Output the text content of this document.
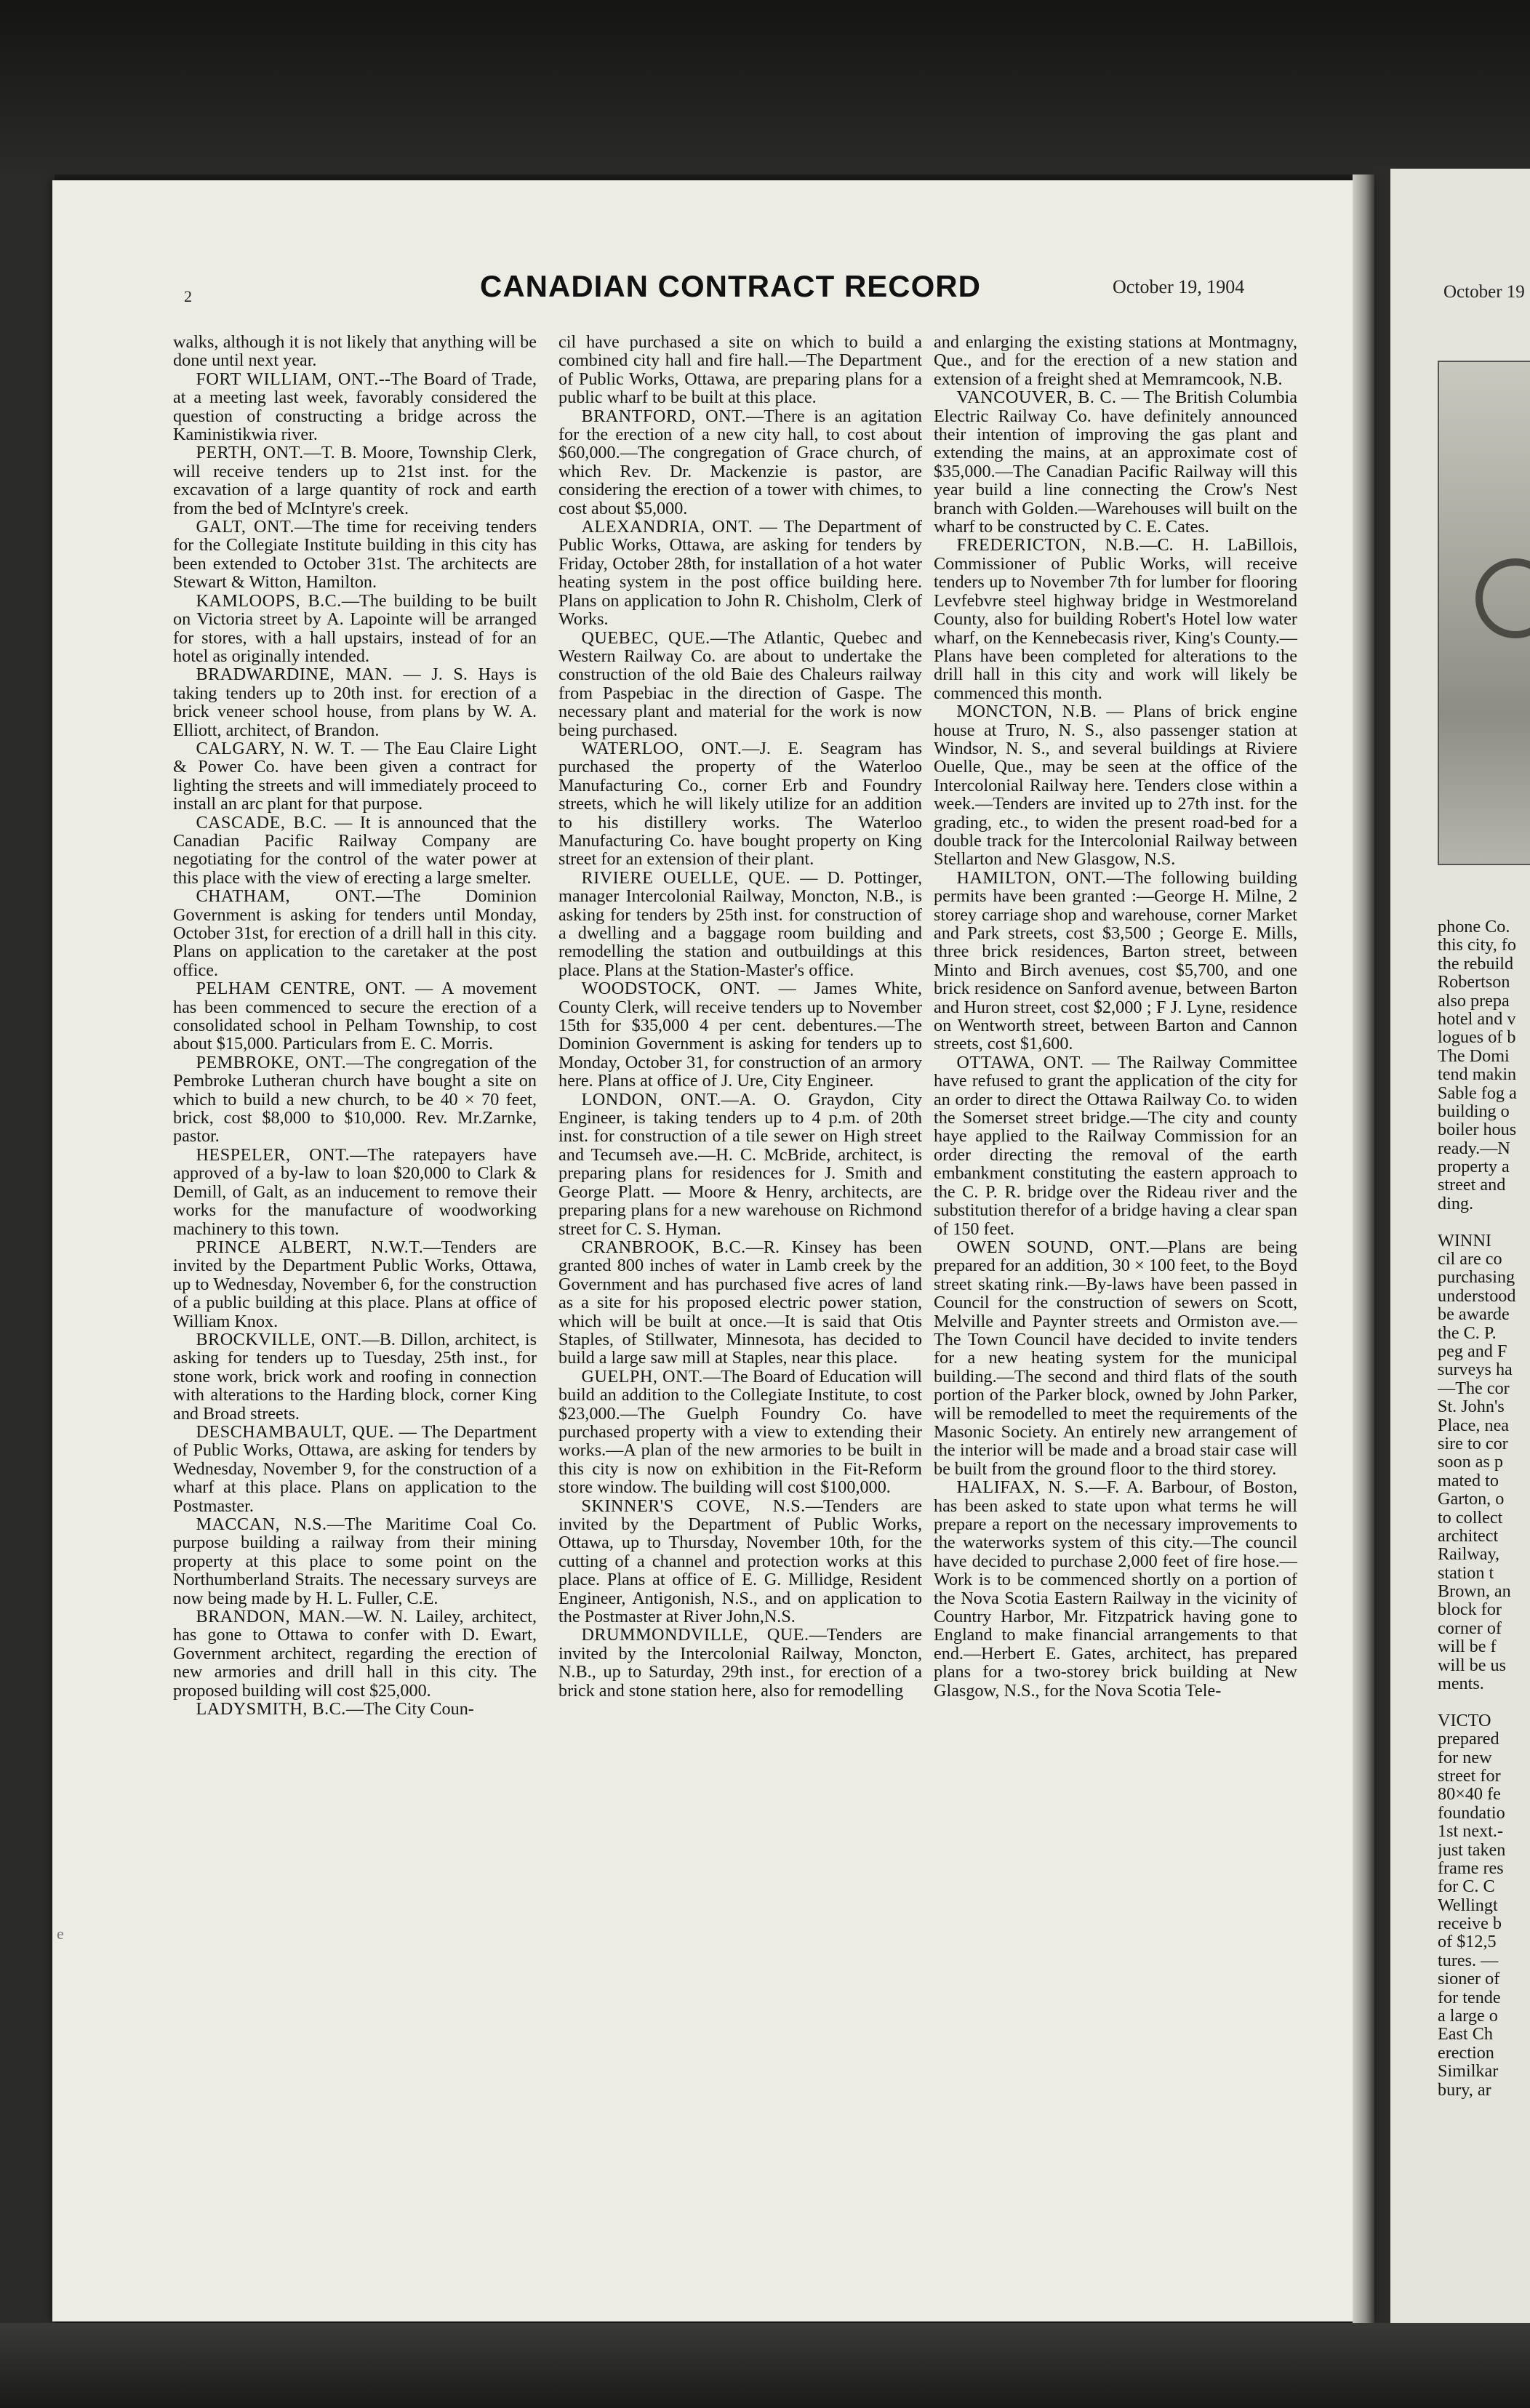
2	CANADIAN CONTRACT RECORD	October 19, 1904	October 19

walks, although it is not likely that anything will be done until next year.

FORT WILLIAM, ONT.--The Board of Trade, at a meeting last week, favorably considered the question of constructing a bridge across the Kaministikwia river.

PERTH, ONT.—T. B. Moore, Township Clerk, will receive tenders up to 21st inst. for the excavation of a large quantity of rock and earth from the bed of McIntyre's creek.

GALT, ONT.—The time for receiving tenders for the Collegiate Institute building in this city has been extended to October 31st. The architects are Stewart & Witton, Hamilton.

KAMLOOPS, B.C.—The building to be built on Victoria street by A. Lapointe will be arranged for stores, with a hall upstairs, instead of for an hotel as originally intended.

BRADWARDINE, MAN. — J. S. Hays is taking tenders up to 20th inst. for erection of a brick veneer school house, from plans by W. A. Elliott, architect, of Brandon.

CALGARY, N. W. T. — The Eau Claire Light & Power Co. have been given a contract for lighting the streets and will immediately proceed to install an arc plant for that purpose.

CASCADE, B.C. — It is announced that the Canadian Pacific Railway Company are negotiating for the control of the water power at this place with the view of erecting a large smelter.

CHATHAM, ONT.—The Dominion Government is asking for tenders until Monday, October 31st, for erection of a drill hall in this city. Plans on application to the caretaker at the post office.

PELHAM CENTRE, ONT. — A movement has been commenced to secure the erection of a consolidated school in Pelham Township, to cost about $15,000. Particulars from E. C. Morris.

PEMBROKE, ONT.—The congregation of the Pembroke Lutheran church have bought a site on which to build a new church, to be 40 × 70 feet, brick, cost $8,000 to $10,000. Rev. Mr.Zarnke, pastor.

HESPELER, ONT.—The ratepayers have approved of a by-law to loan $20,000 to Clark & Demill, of Galt, as an inducement to remove their works for the manufacture of woodworking machinery to this town.

PRINCE ALBERT, N.W.T.—Tenders are invited by the Department Public Works, Ottawa, up to Wednesday, November 6, for the construction of a public building at this place. Plans at office of William Knox.

BROCKVILLE, ONT.—B. Dillon, architect, is asking for tenders up to Tuesday, 25th inst., for stone work, brick work and roofing in connection with alterations to the Harding block, corner King and Broad streets.

DESCHAMBAULT, QUE. — The Department of Public Works, Ottawa, are asking for tenders by Wednesday, November 9, for the construction of a wharf at this place. Plans on application to the Postmaster.

MACCAN, N.S.—The Maritime Coal Co. purpose building a railway from their mining property at this place to some point on the Northumberland Straits. The necessary surveys are now being made by H. L. Fuller, C.E.

BRANDON, MAN.—W. N. Lailey, architect, has gone to Ottawa to confer with D. Ewart, Government architect, regarding the erection of new armories and drill hall in this city. The proposed building will cost $25,000.

LADYSMITH, B.C.—The City Coun-

cil have purchased a site on which to build a combined city hall and fire hall.—The Department of Public Works, Ottawa, are preparing plans for a public wharf to be built at this place.

BRANTFORD, ONT.—There is an agitation for the erection of a new city hall, to cost about $60,000.—The congregation of Grace church, of which Rev. Dr. Mackenzie is pastor, are considering the erection of a tower with chimes, to cost about $5,000.

ALEXANDRIA, ONT. — The Department of Public Works, Ottawa, are asking for tenders by Friday, October 28th, for installation of a hot water heating system in the post office building here. Plans on application to John R. Chisholm, Clerk of Works.

QUEBEC, QUE.—The Atlantic, Quebec and Western Railway Co. are about to undertake the construction of the old Baie des Chaleurs railway from Paspebiac in the direction of Gaspe. The necessary plant and material for the work is now being purchased.

WATERLOO, ONT.—J. E. Seagram has purchased the property of the Waterloo Manufacturing Co., corner Erb and Foundry streets, which he will likely utilize for an addition to his distillery works. The Waterloo Manufacturing Co. have bought property on King street for an extension of their plant.

RIVIERE OUELLE, QUE. — D. Pottinger, manager Intercolonial Railway, Moncton, N.B., is asking for tenders by 25th inst. for construction of a dwelling and a baggage room building and remodelling the station and outbuildings at this place. Plans at the Station-Master's office.

WOODSTOCK, ONT. — James White, County Clerk, will receive tenders up to November 15th for $35,000 4 per cent. debentures.—The Dominion Government is asking for tenders up to Monday, October 31, for construction of an armory here. Plans at office of J. Ure, City Engineer.

LONDON, ONT.—A. O. Graydon, City Engineer, is taking tenders up to 4 p.m. of 20th inst. for construction of a tile sewer on High street and Tecumseh ave.—H. C. McBride, architect, is preparing plans for residences for J. Smith and George Platt. — Moore & Henry, architects, are preparing plans for a new warehouse on Richmond street for C. S. Hyman.

CRANBROOK, B.C.—R. Kinsey has been granted 800 inches of water in Lamb creek by the Government and has purchased five acres of land as a site for his proposed electric power station, which will be built at once.—It is said that Otis Staples, of Stillwater, Minnesota, has decided to build a large saw mill at Staples, near this place.

GUELPH, ONT.—The Board of Education will build an addition to the Collegiate Institute, to cost $23,000.—The Guelph Foundry Co. have purchased property with a view to extending their works.—A plan of the new armories to be built in this city is now on exhibition in the Fit-Reform store window. The building will cost $100,000.

SKINNER'S COVE, N.S.—Tenders are invited by the Department of Public Works, Ottawa, up to Thursday, November 10th, for the cutting of a channel and protection works at this place. Plans at office of E. G. Millidge, Resident Engineer, Antigonish, N.S., and on application to the Postmaster at River John,N.S.

DRUMMONDVILLE, QUE.—Tenders are invited by the Intercolonial Railway, Moncton, N.B., up to Saturday, 29th inst., for erection of a brick and stone station here, also for remodelling

and enlarging the existing stations at Montmagny, Que., and for the erection of a new station and extension of a freight shed at Memramcook, N.B.

VANCOUVER, B. C. — The British Columbia Electric Railway Co. have definitely announced their intention of improving the gas plant and extending the mains, at an approximate cost of $35,000.—The Canadian Pacific Railway will this year build a line connecting the Crow's Nest branch with Golden.—Warehouses will built on the wharf to be constructed by C. E. Cates.

FREDERICTON, N.B.—C. H. LaBillois, Commissioner of Public Works, will receive tenders up to November 7th for lumber for flooring Levfebvre steel highway bridge in Westmoreland County, also for building Robert's Hotel low water wharf, on the Kennebecasis river, King's County.—Plans have been completed for alterations to the drill hall in this city and work will likely be commenced this month.

MONCTON, N.B. — Plans of brick engine house at Truro, N. S., also passenger station at Windsor, N. S., and several buildings at Riviere Ouelle, Que., may be seen at the office of the Intercolonial Railway here. Tenders close within a week.—Tenders are invited up to 27th inst. for the grading, etc., to widen the present road-bed for a double track for the Intercolonial Railway between Stellarton and New Glasgow, N.S.

HAMILTON, ONT.—The following building permits have been granted :—George H. Milne, 2 storey carriage shop and warehouse, corner Market and Park streets, cost $3,500 ; George E. Mills, three brick residences, Barton street, between Minto and Birch avenues, cost $5,700, and one brick residence on Sanford avenue, between Barton and Huron street, cost $2,000 ; F J. Lyne, residence on Wentworth street, between Barton and Cannon streets, cost $1,600.

OTTAWA, ONT. — The Railway Committee have refused to grant the application of the city for an order to direct the Ottawa Railway Co. to widen the Somerset street bridge.—The city and county haye applied to the Railway Commission for an order directing the removal of the earth embankment constituting the eastern approach to the C. P. R. bridge over the Rideau river and the substitution therefor of a bridge having a clear span of 150 feet.

OWEN SOUND, ONT.—Plans are being prepared for an addition, 30 × 100 feet, to the Boyd street skating rink.—By-laws have been passed in Council for the construction of sewers on Scott, Melville and Paynter streets and Ormiston ave.—The Town Council have decided to invite tenders for a new heating system for the municipal building.—The second and third flats of the south portion of the Parker block, owned by John Parker, will be remodelled to meet the requirements of the Masonic Society. An entirely new arrangement of the interior will be made and a broad stair case will be built from the ground floor to the third storey.

HALIFAX, N. S.—F. A. Barbour, of Boston, has been asked to state upon what terms he will prepare a report on the necessary improvements to the waterworks system of this city.—The council have decided to purchase 2,000 feet of fire hose.—Work is to be commenced shortly on a portion of the Nova Scotia Eastern Railway in the vicinity of Country Harbor, Mr. Fitzpatrick having gone to England to make financial arrangements to that end.—Herbert E. Gates, architect, has prepared plans for a two-storey brick building at New Glasgow, N.S., for the Nova Scotia Tele-

phone Co.
this city, fo
the rebuild
Robertson
also prepa
hotel and v
logues of b
The Domi
tend makin
Sable fog a
building o
boiler hous
ready.—N
property a
street and
ding.
WINNI
cil are co
purchasing
understood
be awarde
the C. P.
peg and F
surveys ha
—The cor
St. John's
Place, nea
sire to cor
soon as p
mated to
Garton, o
to collect
architect
Railway,
station t
Brown, an
block for
corner of
will be f
will be us
ments.
VICTO
prepared
for new
street for
80×40 fe
foundatio
1st next.-
just taken
frame res
for C. C
Wellingt
receive b
of $12,5
tures. —
sioner of
for tende
a large o
East Ch
erection
Similkar
bury, ar
e
